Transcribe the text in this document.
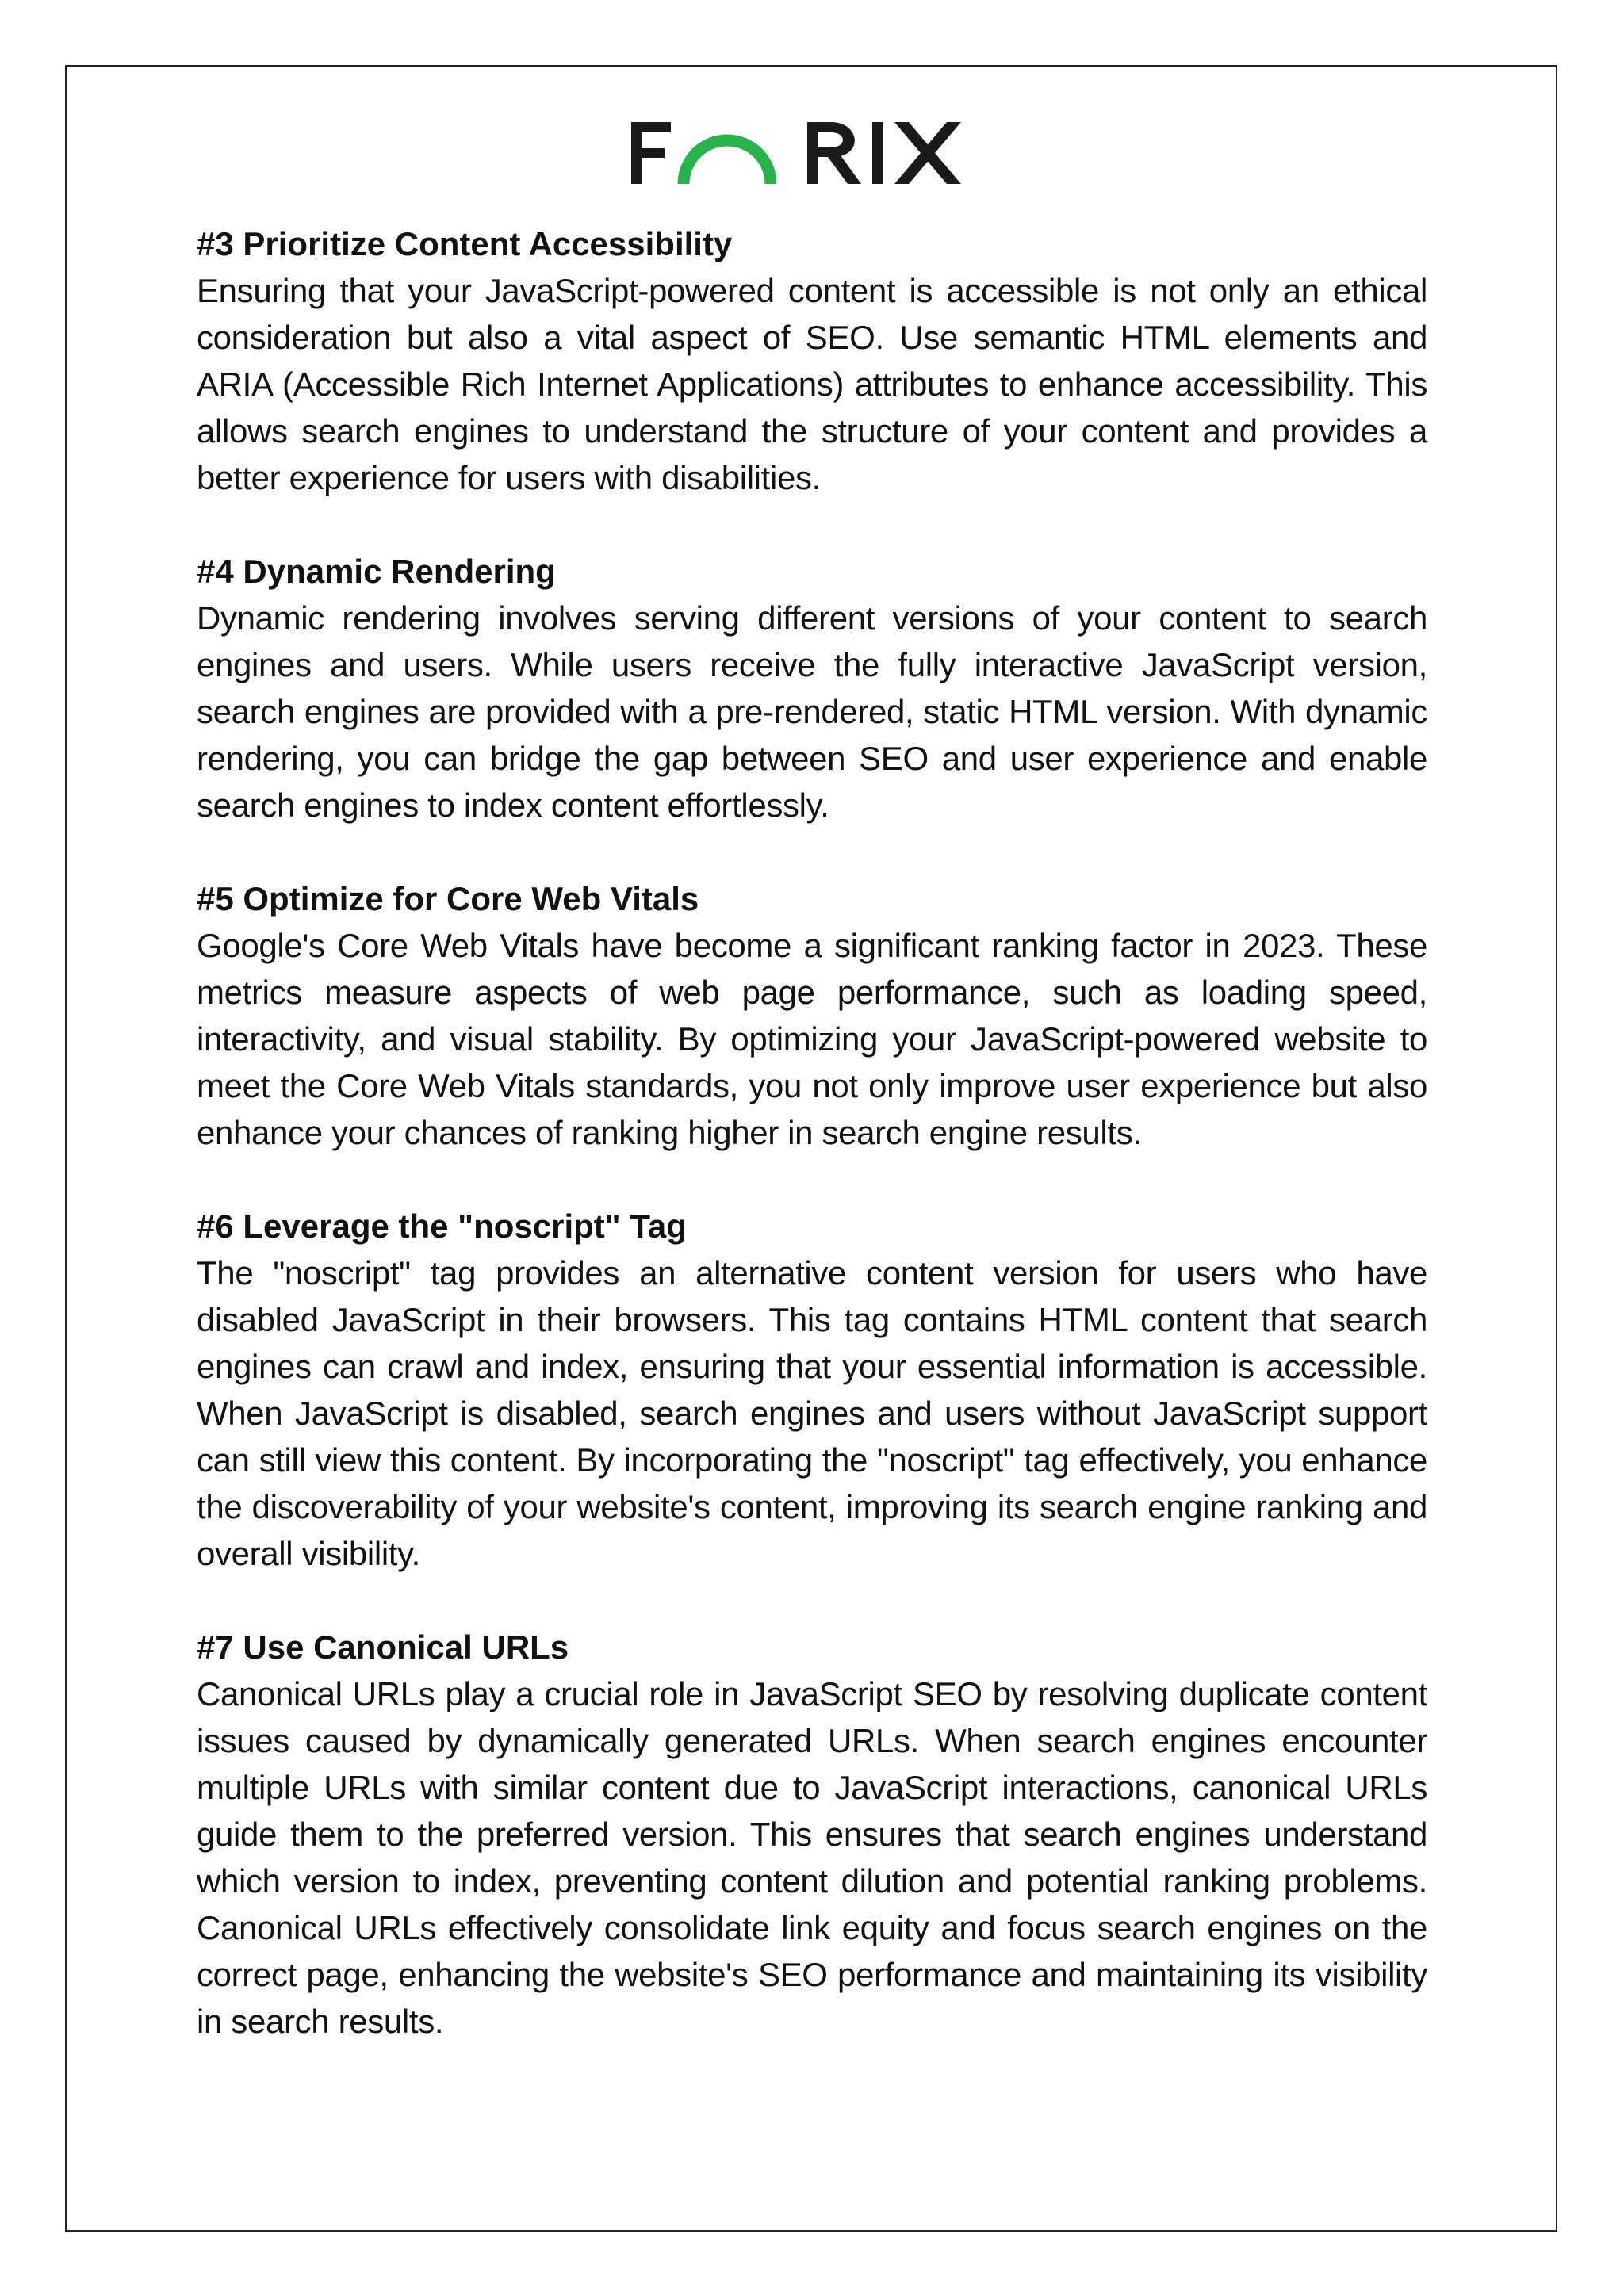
#3 Prioritize Content Accessibility

Ensuring that your JavaScript-powered content is accessible is not only an ethical consideration but also a vital aspect of SEO. Use semantic HTML elements and ARIA (Accessible Rich Internet Applications) attributes to enhance accessibility. This allows search engines to understand the structure of your content and provides a better experience for users with disabilities.

#4 Dynamic Rendering

Dynamic rendering involves serving different versions of your content to search engines and users. While users receive the fully interactive JavaScript version, search engines are provided with a pre-rendered, static HTML version. With dynamic rendering, you can bridge the gap between SEO and user experience and enable search engines to index content effortlessly.

#5 Optimize for Core Web Vitals

Google's Core Web Vitals have become a significant ranking factor in 2023. These metrics measure aspects of web page performance, such as loading speed, interactivity, and visual stability. By optimizing your JavaScript-powered website to meet the Core Web Vitals standards, you not only improve user experience but also enhance your chances of ranking higher in search engine results.

#6 Leverage the "noscript" Tag

The "noscript" tag provides an alternative content version for users who have disabled JavaScript in their browsers. This tag contains HTML content that search engines can crawl and index, ensuring that your essential information is accessible. When JavaScript is disabled, search engines and users without JavaScript support can still view this content. By incorporating the "noscript" tag effectively, you enhance the discoverability of your website's content, improving its search engine ranking and overall visibility.

#7 Use Canonical URLs

Canonical URLs play a crucial role in JavaScript SEO by resolving duplicate content issues caused by dynamically generated URLs. When search engines encounter multiple URLs with similar content due to JavaScript interactions, canonical URLs guide them to the preferred version. This ensures that search engines understand which version to index, preventing content dilution and potential ranking problems. Canonical URLs effectively consolidate link equity and focus search engines on the correct page, enhancing the website's SEO performance and maintaining its visibility in search results.
